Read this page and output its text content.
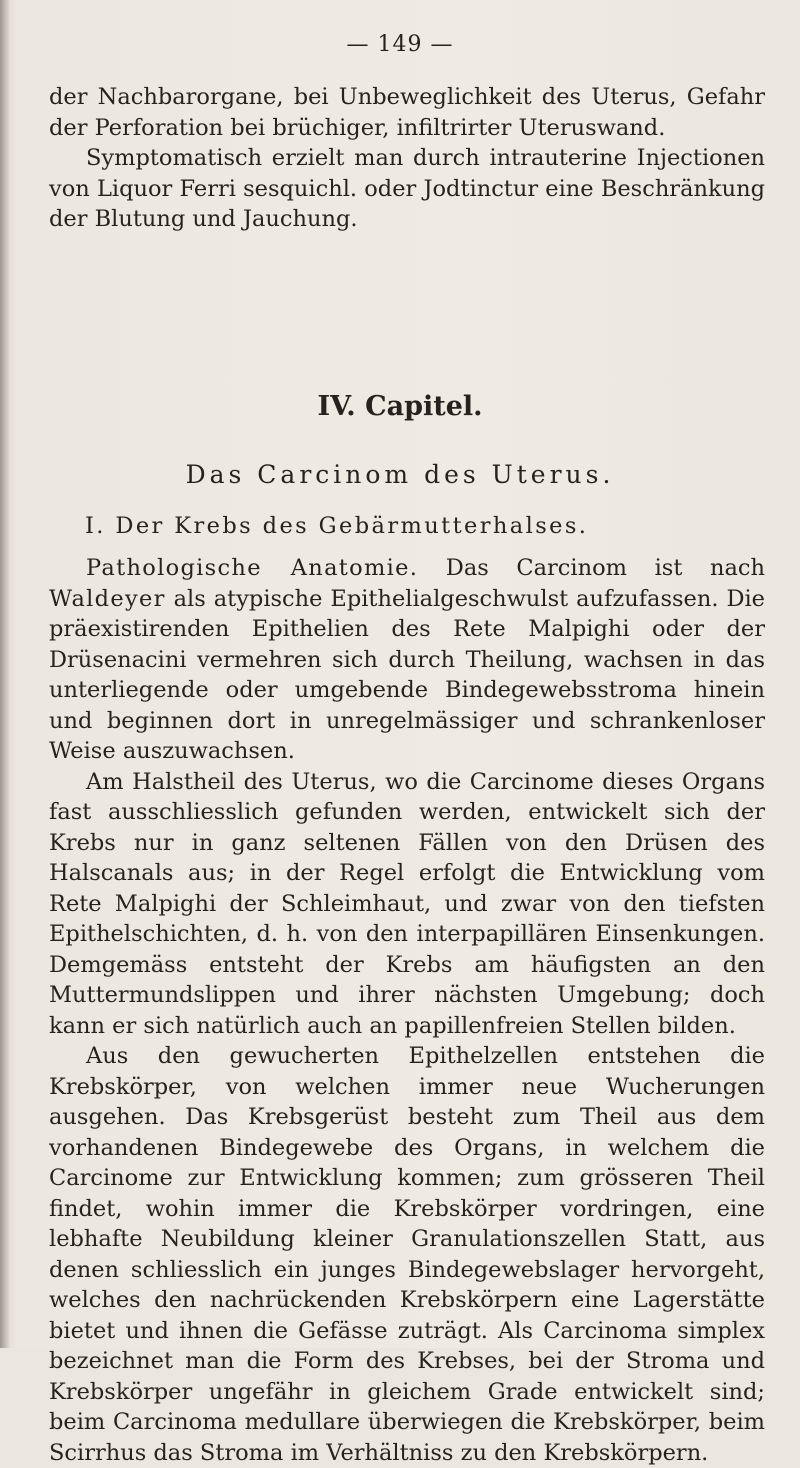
— 149 —

der Nachbarorgane, bei Unbeweglichkeit des Uterus, Gefahr der Perforation bei brüchiger, infiltrirter Uteruswand.

Symptomatisch erzielt man durch intrauterine Injectionen von Liquor Ferri sesquichl. oder Jodtinctur eine Beschränkung der Blutung und Jauchung.

IV. Capitel.
Das Carcinom des Uterus.
I. Der Krebs des Gebärmutterhalses.

Pathologische Anatomie. Das Carcinom ist nach Waldeyer als atypische Epithelialgeschwulst aufzufassen. Die präexistirenden Epithelien des Rete Malpighi oder der Drüsenacini vermehren sich durch Theilung, wachsen in das unterliegende oder umgebende Bindegewebsstroma hinein und beginnen dort in unregelmässiger und schrankenloser Weise auszuwachsen.

Am Halstheil des Uterus, wo die Carcinome dieses Organs fast ausschliesslich gefunden werden, entwickelt sich der Krebs nur in ganz seltenen Fällen von den Drüsen des Halscanals aus; in der Regel erfolgt die Entwicklung vom Rete Malpighi der Schleimhaut, und zwar von den tiefsten Epithelschichten, d. h. von den interpapillären Einsenkungen. Demgemäss entsteht der Krebs am häufigsten an den Muttermundslippen und ihrer nächsten Umgebung; doch kann er sich natürlich auch an papillenfreien Stellen bilden.

Aus den gewucherten Epithelzellen entstehen die Krebskörper, von welchen immer neue Wucherungen ausgehen. Das Krebsgerüst besteht zum Theil aus dem vorhandenen Bindegewebe des Organs, in welchem die Carcinome zur Entwicklung kommen; zum grösseren Theil findet, wohin immer die Krebskörper vordringen, eine lebhafte Neubildung kleiner Granulationszellen Statt, aus denen schliesslich ein junges Bindegewebslager hervorgeht, welches den nachrückenden Krebskörpern eine Lagerstätte bietet und ihnen die Gefässe zuträgt. Als Carcinoma simplex bezeichnet man die Form des Krebses, bei der Stroma und Krebskörper ungefähr in gleichem Grade entwickelt sind; beim Carcinoma medullare überwiegen die Krebskörper, beim Scirrhus das Stroma im Verhältniss zu den Krebskörpern.
